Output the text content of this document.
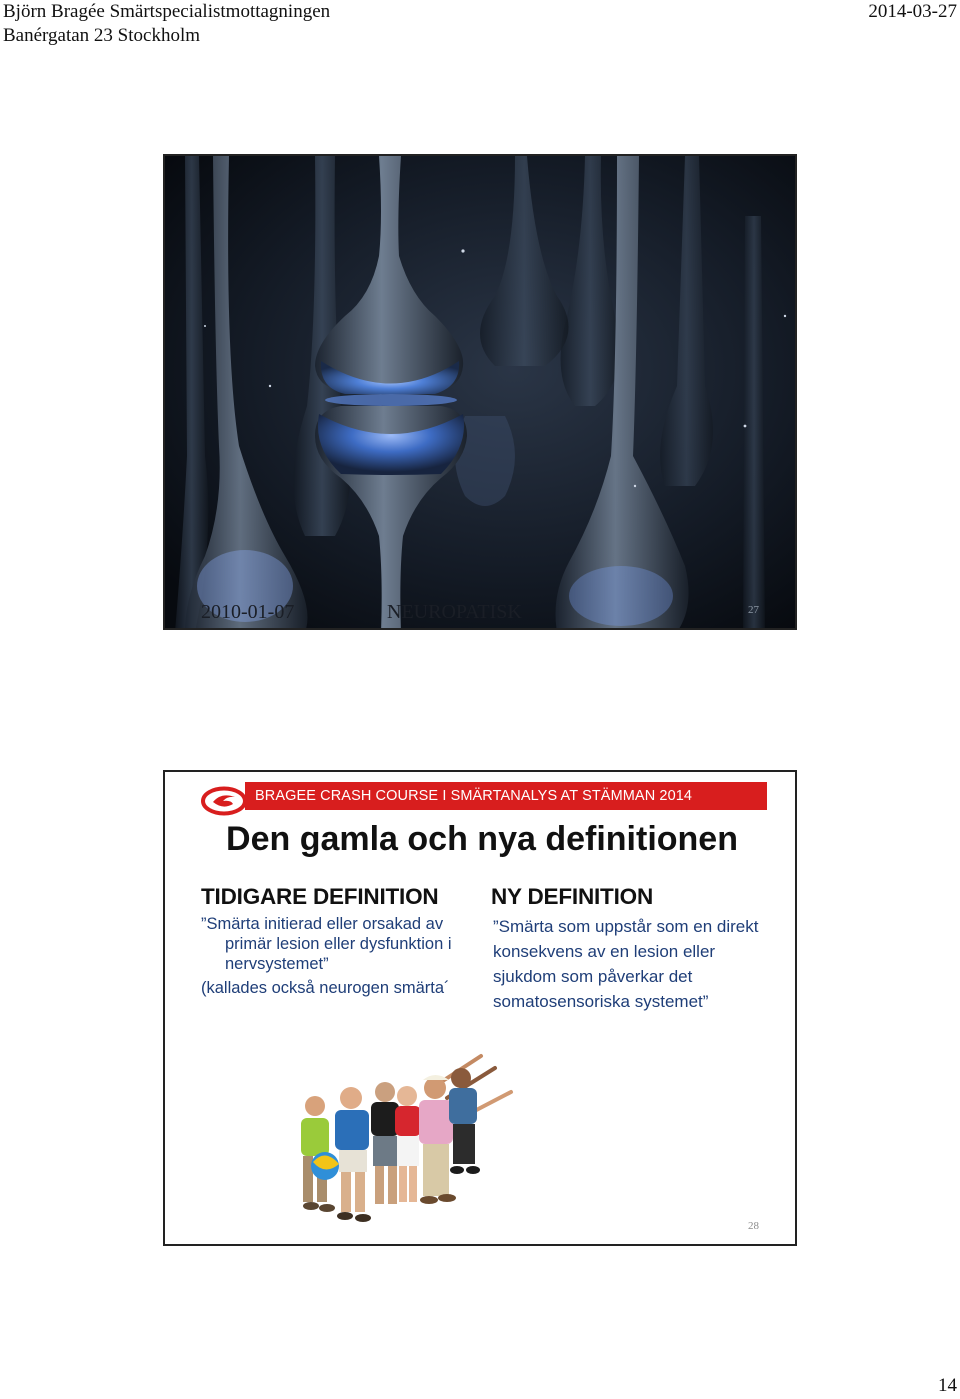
Björn Bragée Smärtspecialistmottagningen
Banérgatan 23 Stockholm
2014-03-27
2010-01-07	NEUROPATISK	27
BRAGEE CRASH COURSE I SMÄRTANALYS AT STÄMMAN 2014
Den gamla och nya definitionen
TIDIGARE DEFINITION

”Smärta initierad eller orsakad av primär lesion eller dysfunktion i nervsystemet”

(kallades också neurogen smärta´

NY DEFINITION

”Smärta som uppstår som en direkt konsekvens av en lesion eller sjukdom som påverkar det somatosensoriska systemet”

28
14
